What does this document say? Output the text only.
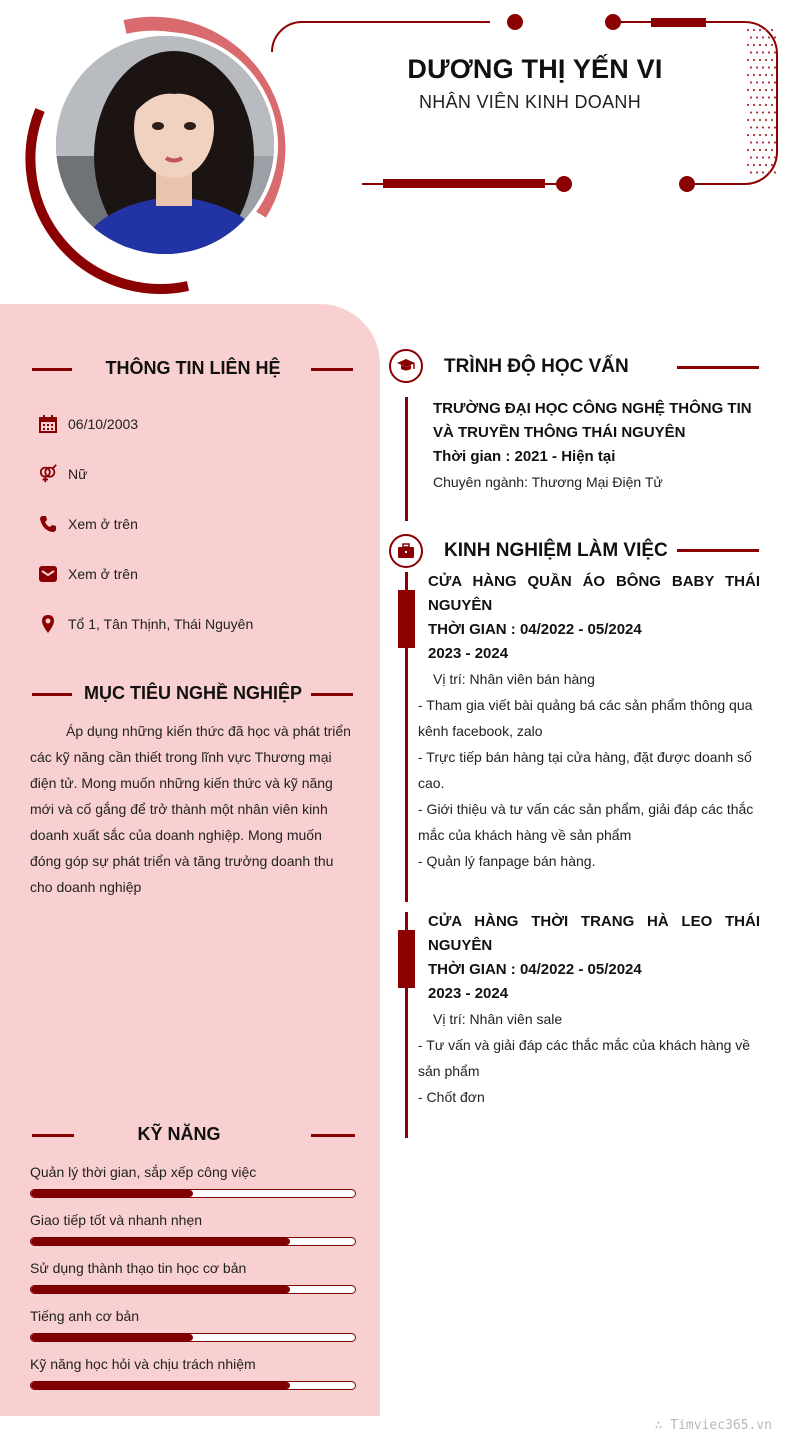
DƯƠNG THỊ YẾN VI
NHÂN VIÊN KINH DOANH
THÔNG TIN LIÊN HỆ
06/10/2003
Nữ
Xem ở trên
Xem ở trên
Tổ 1, Tân Thịnh, Thái Nguyên
MỤC TIÊU NGHỀ NGHIỆP
Áp dụng những kiến thức đã học và phát triển các kỹ năng cần thiết trong lĩnh vực Thương mại điện tử. Mong muốn những kiến thức và kỹ năng mới và cố gắng để trở thành một nhân viên kinh doanh xuất sắc của doanh nghiệp. Mong muốn đóng góp sự phát triển và tăng trưởng doanh thu cho doanh nghiệp
KỸ NĂNG
Quản lý thời gian, sắp xếp công việc
Giao tiếp tốt và nhanh nhẹn
Sử dụng thành thạo tin học cơ bản
Tiếng anh cơ bản
Kỹ năng học hỏi và chịu trách nhiệm
TRÌNH ĐỘ HỌC VẤN
TRƯỜNG ĐẠI HỌC CÔNG NGHỆ THÔNG TIN VÀ TRUYỀN THÔNG THÁI NGUYÊN
Thời gian : 2021 - Hiện tại
Chuyên ngành: Thương Mại Điện Tử
KINH NGHIỆM LÀM VIỆC
CỬA HÀNG QUẦN ÁO BÔNG BABY THÁI NGUYÊN
THỜI GIAN : 04/2022 - 05/2024
2023 - 2024
Vị trí: Nhân viên bán hàng
- Tham gia viết bài quảng bá các sản phẩm thông qua kênh facebook, zalo
- Trực tiếp bán hàng tại cửa hàng, đặt được doanh số cao.
- Giới thiệu và tư vấn các sản phẩm, giải đáp các thắc mắc của khách hàng về sản phẩm
- Quản lý fanpage bán hàng.
CỬA HÀNG THỜI TRANG HÀ LEO THÁI NGUYÊN
THỜI GIAN : 04/2022 - 05/2024
2023 - 2024
Vị trí: Nhân viên sale
- Tư vấn và giải đáp các thắc mắc của khách hàng về sản phẩm
- Chốt đơn
∴ Timviec365.vn
